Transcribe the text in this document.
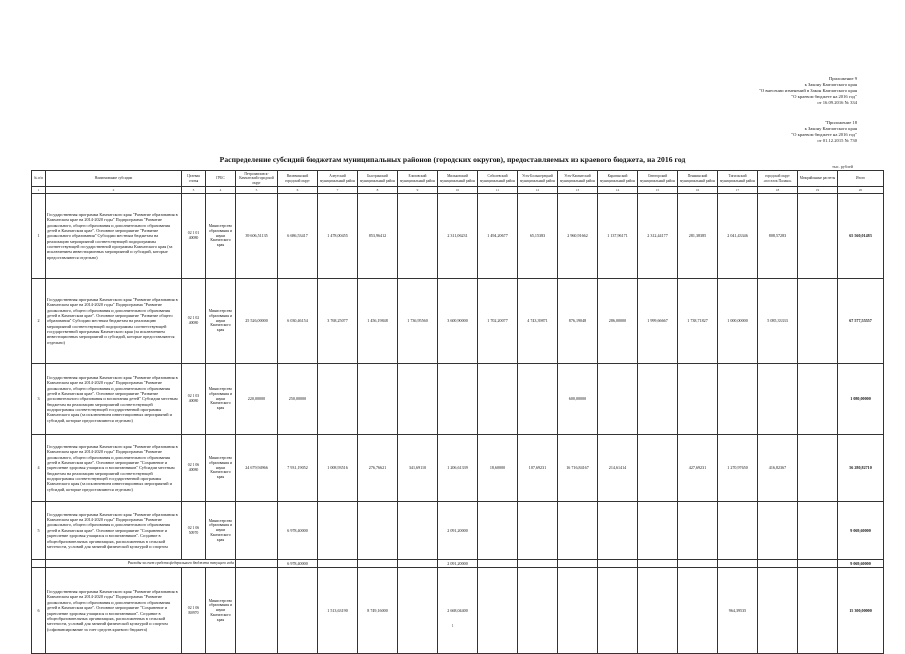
Приложение 9
к Закону Камчатского края
"О внесении изменений в Закон Камчатского края
"О краевом бюджете на 2016 год"
от 16.09.2016 № 334
"Приложение 18
к Закону Камчатского края
"О краевом бюджете на 2016 год"
от 01.12.2015 № 730
Распределение субсидий бюджетам муниципальных районов (городских округов), предоставляемых из краевого бюджета, на 2016 год
тыс. рублей
№ п/п	Наименование субсидии	Целевая статья	ГРБС	Петропавловск-Камчатский городской округ	Вилючинский городской округ	Алеутский муниципальный район	Быстринский муниципальный район	Елизовский муниципальный район	Мильковский муниципальный район	Соболевский муниципальный район	Усть-Большерецкий муниципальный район	Усть-Камчатский муниципальный район	Карагинский муниципальный район	Олюторский муниципальный район	Пенжинский муниципальный район	Тигильский муниципальный район	городской округ «поселок Палана»	Межрайонные расчеты	Итого
1	2	3	4	5	6	7	8	9	10	11	12	13	14	15	16	17	18	19	20
1	Государственная программа Камчатского края "Развитие образования в Камчатском крае на 2014-2020 годы" Подпрограмма "Развитие дошкольного, общего образования и дополнительного образования детей в Камчатском крае". Основное мероприятие "Развитие дошкольного образования" Субсидии местным бюджетам на реализацию мероприятий соответствующей подпрограммы соответствующей государственной программы Камчатского края (за исключением инвестиционных мероприятий и субсидий, которые предоставляются отдельно)	02 1 01 40080	Министерство образования и науки Камчатского края	39 606,51135	6 686,53417	1 478,00455	853,96412		2 311,06231	1 494,20677	65,15383	2 960,91662	1 137,96171	2 312,44177	281,38385	2 041,43346	808,57283		65 560,01483
2	Государственная программа Камчатского края "Развитие образования в Камчатском крае на 2014-2020 годы" Подпрограмма "Развитие дошкольного, общего образования и дополнительного образования детей в Камчатском крае". Основное мероприятие "Развитие общего образования" Субсидии местным бюджетам на реализацию мероприятий соответствующей подпрограммы соответствующей государственной программы Камчатского края (за исключением инвестиционных мероприятий и субсидий, которые предоставляются отдельно)	02 1 02 40080	Министерство образования и науки Камчатского края	25 526,00000	6 030,46154	3 768,25077	1 456,19848	1 736,95560	3 600,90000	1 702,20077	4 743,39871	876,19048	286,00000	1 999,66667	1 738,71827	1 000,00000	5 085,33333		67 577,55557
3	Государственная программа Камчатского края "Развитие образования в Камчатском крае на 2014-2020 годы" Подпрограмма "Развитие дошкольного, общего образования и дополнительного образования детей в Камчатском крае". Основное мероприятие "Развитие дополнительного образования и воспитания детей" Субсидии местным бюджетам на реализацию мероприятий соответствующей подпрограммы соответствующей государственной программы Камчатского края (за исключением инвестиционных мероприятий и субсидий, которые предоставляются отдельно)	02 1 03 40080	Министерство образования и науки Камчатского края	220,00000	250,00000							600,00000							1 080,00000
4	Государственная программа Камчатского края "Развитие образования в Камчатском крае на 2014-2020 годы" Подпрограмма "Развитие дошкольного, общего образования и дополнительного образования детей в Камчатском крае". Основное мероприятие "Сохранение и укрепление здоровья учащихся и воспитанников" Субсидии местным бюджетам на реализацию мероприятий соответствующей подпрограммы соответствующей государственной программы Камчатского края (за исключением инвестиционных мероприятий и субсидий, которые предоставляются отдельно)	02 1 06 40080	Министерство образования и науки Камчатского края	24 679,94966	7 931,19052	1 008,93516	276,76621	341,69110	1 206,61339	18,60000	107,69231	16 716,84167	214,61414		427,69231	1 270,97650	416,82367		56 280,82710
5	Государственная программа Камчатского края "Развитие образования в Камчатском крае на 2014-2020 годы" Подпрограмма "Развитие дошкольного, общего образования и дополнительного образования детей в Камчатском крае". Основное мероприятие "Сохранение и укрепление здоровья учащихся и воспитанников". Создание в общеобразовательных организациях, расположенных в сельской местности, условий для занятий физической культурой и спортом	02 1 06 50970	Министерство образования и науки Камчатского края		6 978,40000				2 091,20000										9 069,60000
	Расходы за счет средств федерального бюджета текущего года				6 978,40000				2 091,20000										9 069,60000
6	Государственная программа Камчатского края "Развитие образования в Камчатском крае на 2014-2020 годы" Подпрограмма "Развитие дошкольного, общего образования и дополнительного образования детей в Камчатском крае". Основное мероприятие "Сохранение и укрепление здоровья учащихся и воспитанников". Создание в общеобразовательных организациях, расположенных в сельской местности, условий для занятий физической культурой и спортом (софинансирование за счет средств краевого бюджета)	02 1 06 R0970	Министерство образования и науки Камчатского края			1 513,63190	8 749,16000		2 668,04400							964,39535			15 300,00000
1
